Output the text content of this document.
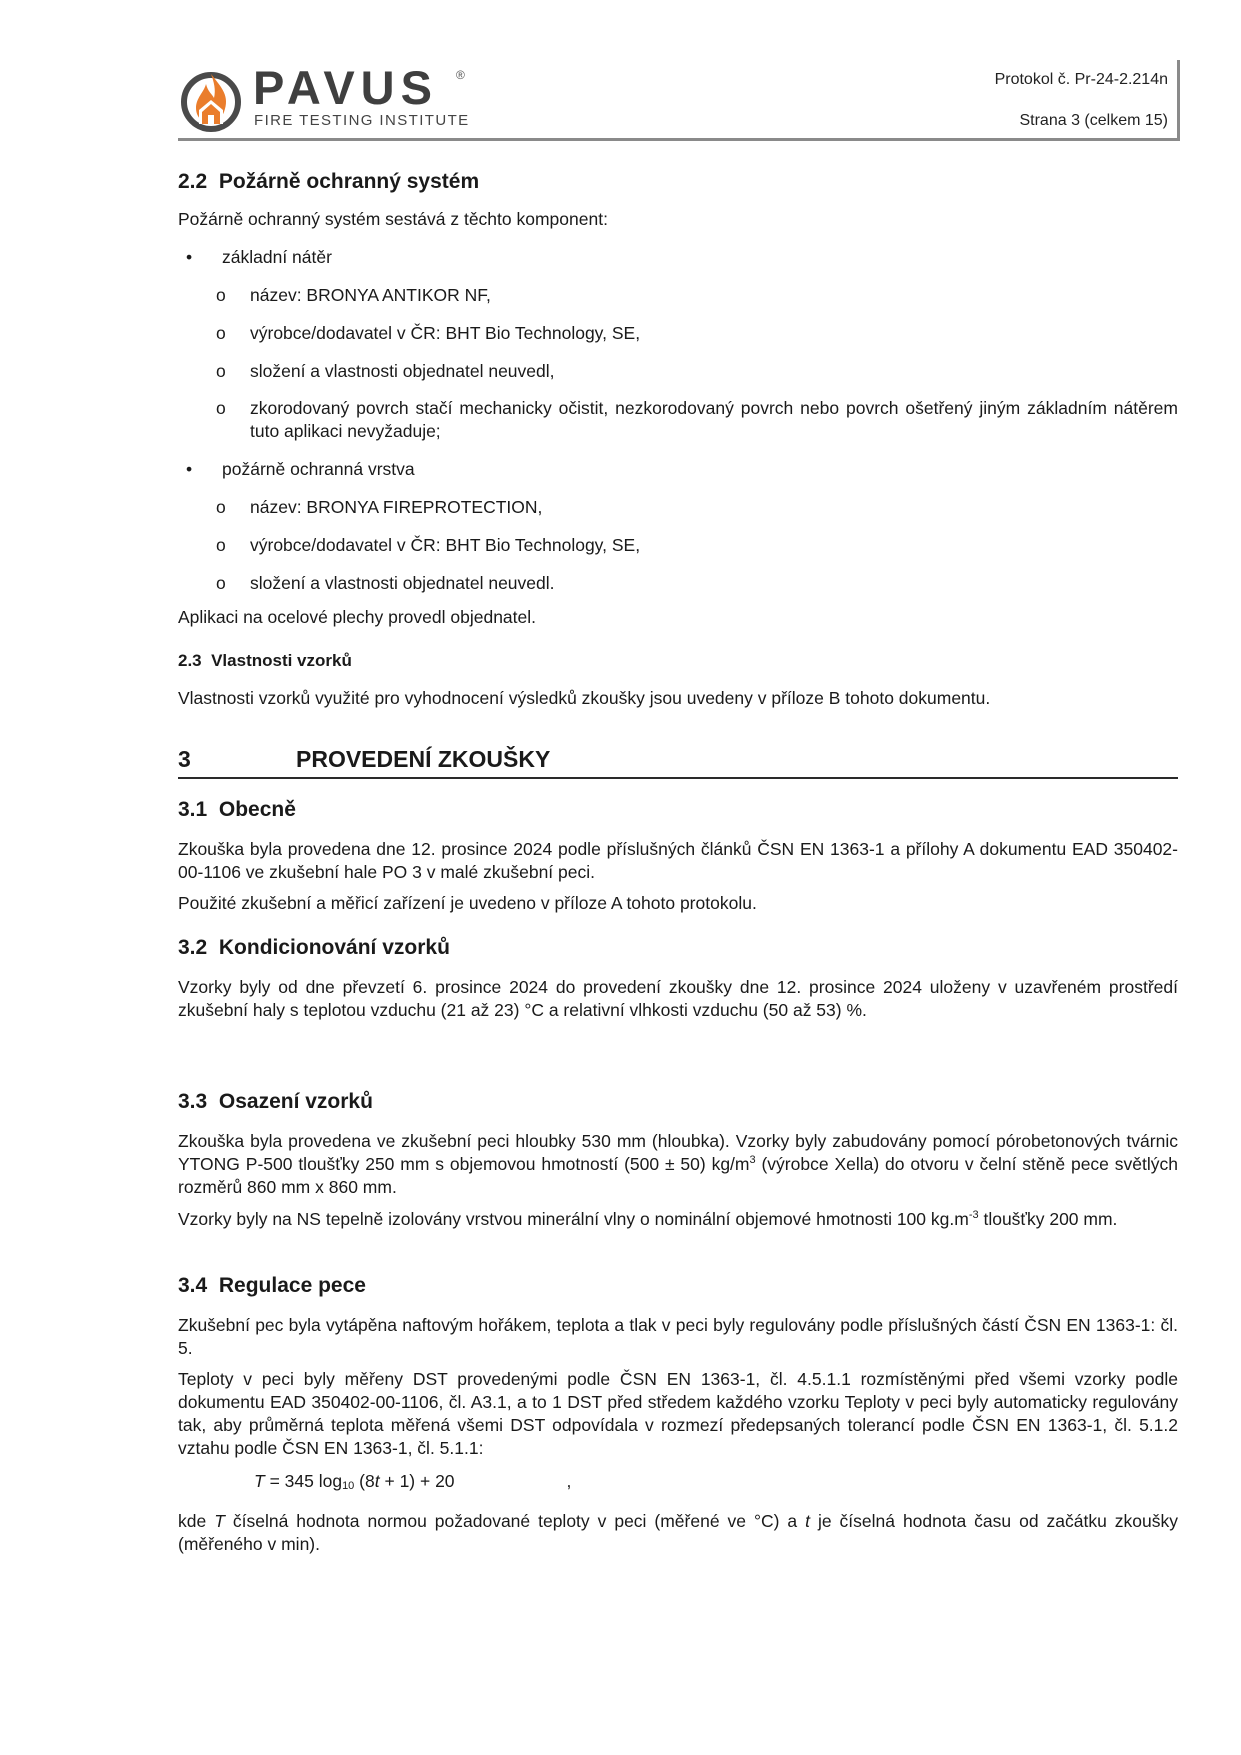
PAVUS ®
FIRE TESTING INSTITUTE
Protokol č. Pr-24-2.214n
Strana 3 (celkem 15)
2.2 Požárně ochranný systém

Požárně ochranný systém sestává z těchto komponent:

• základní nátěr
o název: BRONYA ANTIKOR NF,
o výrobce/dodavatel v ČR: BHT Bio Technology, SE,
o složení a vlastnosti objednatel neuvedl,
o zkorodovaný povrch stačí mechanicky očistit, nezkorodovaný povrch nebo povrch ošetřený jiným základním nátěrem tuto aplikaci nevyžaduje;
• požárně ochranná vrstva
o název: BRONYA FIREPROTECTION,
o výrobce/dodavatel v ČR: BHT Bio Technology, SE,
o složení a vlastnosti objednatel neuvedl.

Aplikaci na ocelové plechy provedl objednatel.

2.3 Vlastnosti vzorků

Vlastnosti vzorků využité pro vyhodnocení výsledků zkoušky jsou uvedeny v příloze B tohoto dokumentu.

3	PROVEDENÍ ZKOUŠKY
3.1 Obecně

Zkouška byla provedena dne 12. prosince 2024 podle příslušných článků ČSN EN 1363-1 a přílohy A dokumentu EAD 350402-00-1106 ve zkušební hale PO 3 v malé zkušební peci.

Použité zkušební a měřicí zařízení je uvedeno v příloze A tohoto protokolu.

3.2 Kondicionování vzorků

Vzorky byly od dne převzetí 6. prosince 2024 do provedení zkoušky dne 12. prosince 2024 uloženy v uzavřeném prostředí zkušební haly s teplotou vzduchu (21 až 23) °C a relativní vlhkosti vzduchu (50 až 53) %.

3.3 Osazení vzorků

Zkouška byla provedena ve zkušební peci hloubky 530 mm (hloubka). Vzorky byly zabudovány pomocí pórobetonových tvárnic YTONG P-500 tloušťky 250 mm s objemovou hmotností (500 ± 50) $kg/m^3$ (výrobce Xella) do otvoru v čelní stěně pece světlých rozměrů 860 mm x 860 mm.

Vzorky byly na NS tepelně izolovány vrstvou minerální vlny o nominální objemové hmotnosti 100 $kg.m^{-3}$ tloušťky 200 mm.

3.4 Regulace pece

Zkušební pec byla vytápěna naftovým hořákem, teplota a tlak v peci byly regulovány podle příslušných částí ČSN EN 1363-1: čl. 5.

Teploty v peci byly měřeny DST provedenými podle ČSN EN 1363-1, čl. 4.5.1.1 rozmístěnými před všemi vzorky podle dokumentu EAD 350402-00-1106, čl. A3.1, a to 1 DST před středem každého vzorku Teploty v peci byly automaticky regulovány tak, aby průměrná teplota měřená všemi DST odpovídala v rozmezí předepsaných tolerancí podle ČSN EN 1363-1, čl. 5.1.2 vztahu podle ČSN EN 1363-1, čl. 5.1.1:

T = 345 $\log_{10} (8t + 1) + 20$	,

kde T číselná hodnota normou požadované teploty v peci (měřené ve °C) a t je číselná hodnota času od začátku zkoušky (měřeného v min).
